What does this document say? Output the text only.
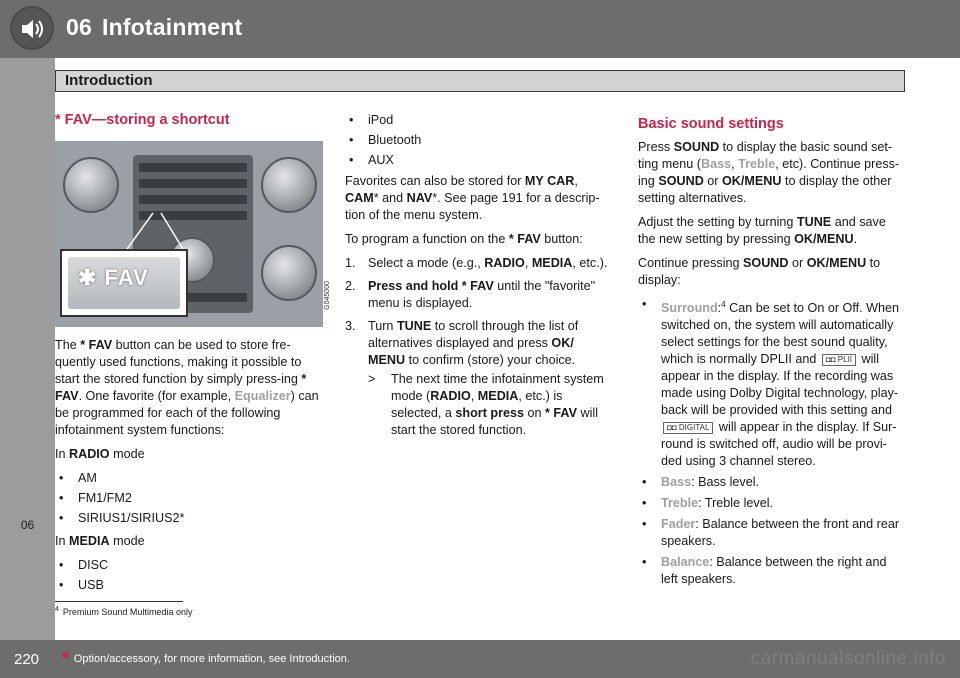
06 Infotainment
Introduction
06
* FAV—storing a shortcut
✱ FAV
G045000

The * FAV button can be used to store fre-quently used functions, making it possible to start the stored function by simply press-ing * FAV. One favorite (for example, Equalizer) can be programmed for each of the following infotainment system functions:

In RADIO mode

• AM
• FM1/FM2
• SIRIUS1/SIRIUS2*

In MEDIA mode

• DISC
• USB
• iPod
• Bluetooth
• AUX

Favorites can also be stored for MY CAR, CAM* and NAV*. See page 191 for a descrip-tion of the menu system.

To program a function on the * FAV button:

1. Select a mode (e.g., RADIO, MEDIA, etc.).
2. Press and hold * FAV until the "favorite" menu is displayed.
3. Turn TUNE to scroll through the list of alternatives displayed and press OK/ MENU to confirm (store) your choice.
> The next time the infotainment system mode (RADIO, MEDIA, etc.) is selected, a short press on * FAV will start the stored function.
Basic sound settings

Press SOUND to display the basic sound set-ting menu (Bass, Treble, etc). Continue press-ing SOUND or OK/MENU to display the other setting alternatives.

Adjust the setting by turning TUNE and save the new setting by pressing OK/MENU.

Continue pressing SOUND or OK/MENU to display:

• Surround:$^4$ Can be set to On or Off. When switched on, the system will automatically select settings for the best sound quality, which is normally DPLII and ◘◘ PLII will appear in the display. If the recording was made using Dolby Digital technology, play-back will be provided with this setting and ◘◘ DIGITAL will appear in the display. If Sur-round is switched off, audio will be provi-ded using 3 channel stereo.
• Bass: Bass level.
• Treble: Treble level.
• Fader: Balance between the front and rear speakers.
• Balance: Balance between the right and left speakers.
$^4$ Premium Sound Multimedia only
220 * Option/accessory, for more information, see Introduction.	carmanualsonline.info
